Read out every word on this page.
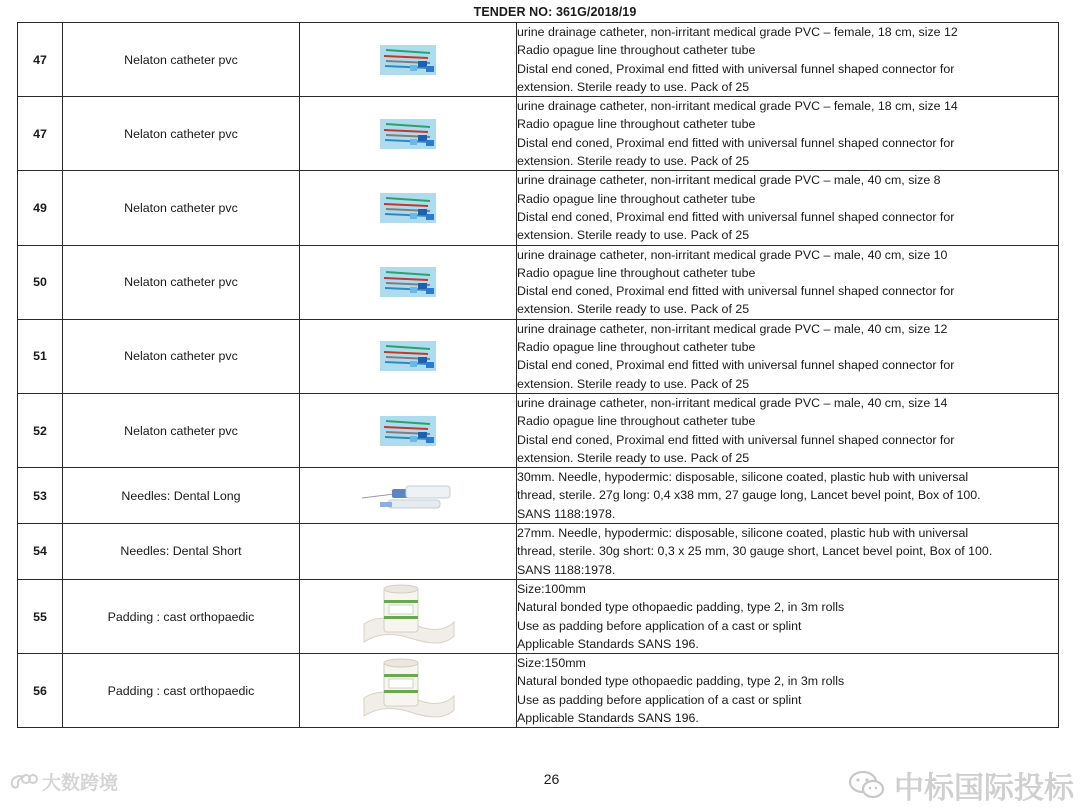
TENDER NO: 361G/2018/19
47	Nelaton catheter pvc		urine drainage catheter, non-irritant medical grade PVC – female, 18 cm, size 12
Radio opague line throughout catheter tube
Distal end coned, Proximal end fitted with universal funnel shaped connector for
extension. Sterile ready to use. Pack of 25

47	Nelaton catheter pvc		urine drainage catheter, non-irritant medical grade PVC – female, 18 cm, size 14
Radio opague line throughout catheter tube
Distal end coned, Proximal end fitted with universal funnel shaped connector for
extension. Sterile ready to use. Pack of 25

49	Nelaton catheter pvc		urine drainage catheter, non-irritant medical grade PVC – male, 40 cm, size 8
Radio opague line throughout catheter tube
Distal end coned, Proximal end fitted with universal funnel shaped connector for
extension. Sterile ready to use. Pack of 25

50	Nelaton catheter pvc		urine drainage catheter, non-irritant medical grade PVC – male, 40 cm, size 10
Radio opague line throughout catheter tube
Distal end coned, Proximal end fitted with universal funnel shaped connector for
extension. Sterile ready to use. Pack of 25

51	Nelaton catheter pvc		urine drainage catheter, non-irritant medical grade PVC – male, 40 cm, size 12
Radio opague line throughout catheter tube
Distal end coned, Proximal end fitted with universal funnel shaped connector for
extension. Sterile ready to use. Pack of 25

52	Nelaton catheter pvc		urine drainage catheter, non-irritant medical grade PVC – male, 40 cm, size 14
Radio opague line throughout catheter tube
Distal end coned, Proximal end fitted with universal funnel shaped connector for
extension. Sterile ready to use. Pack of 25

53	Needles: Dental Long		30mm. Needle, hypodermic: disposable, silicone coated, plastic hub with universal
thread, sterile. 27g long: 0,4 x38 mm, 27 gauge long, Lancet bevel point, Box of 100.
SANS 1188:1978.

54	Needles: Dental Short		27mm. Needle, hypodermic: disposable, silicone coated, plastic hub with universal
thread, sterile. 30g short: 0,3 x 25 mm, 30 gauge short, Lancet bevel point, Box of 100.
SANS 1188:1978.

55	Padding : cast orthopaedic		Size:100mm
Natural bonded type othopaedic padding, type 2, in 3m rolls
Use as padding before application of a cast or splint
Applicable Standards SANS 196.

56	Padding : cast orthopaedic		Size:150mm
Natural bonded type othopaedic padding, type 2, in 3m rolls
Use as padding before application of a cast or splint
Applicable Standards SANS 196.
26
大数跨境	中标国际投标
